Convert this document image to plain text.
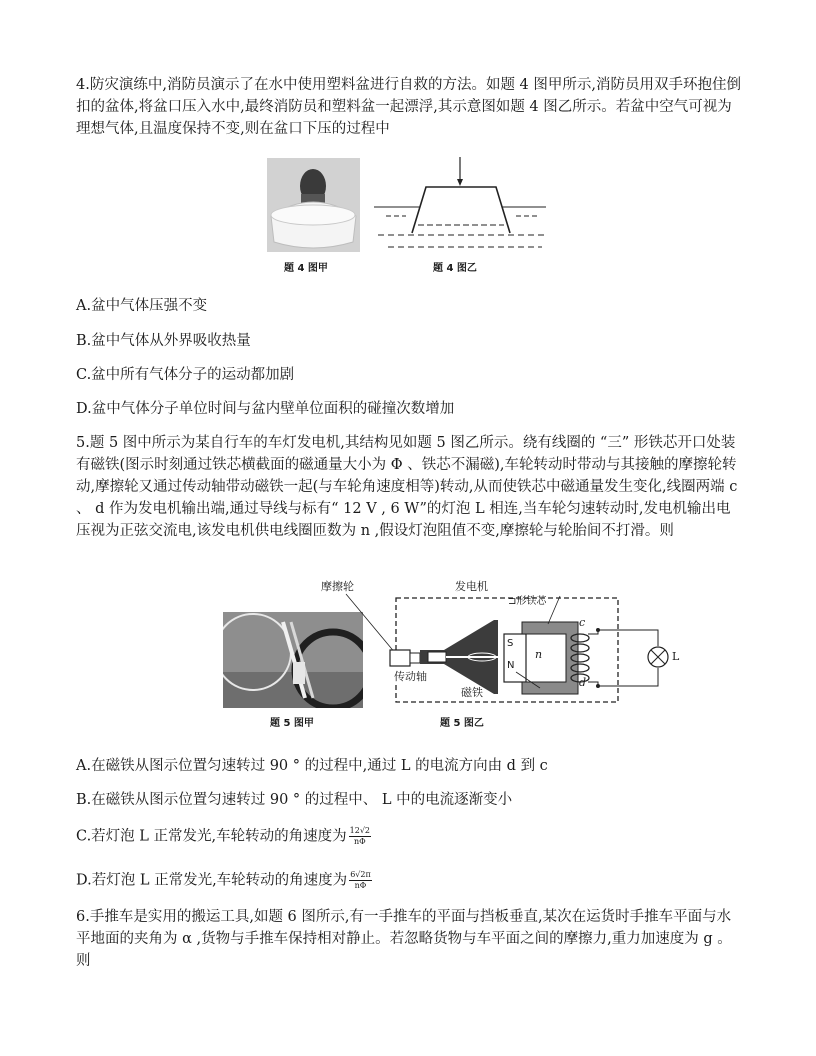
4.防灾演练中,消防员演示了在水中使用塑料盆进行自救的方法。如题 4 图甲所示,消防员用双手环抱住倒扣的盆体,将盆口压入水中,最终消防员和塑料盆一起漂浮,其示意图如题 4 图乙所示。若盆中空气可视为理想气体,且温度保持不变,则在盆口下压的过程中

题 4 图甲	题 4 图乙
A.盆中气体压强不变
B.盆中气体从外界吸收热量
C.盆中所有气体分子的运动都加剧
D.盆中气体分子单位时间与盆内壁单位面积的碰撞次数增加

5.题 5 图中所示为某自行车的车灯发电机,其结构见如题 5 图乙所示。绕有线圈的 “三” 形铁芯开口处装有磁铁(图示时刻通过铁芯横截面的磁通量大小为 Φ 、铁芯不漏磁),车轮转动时带动与其接触的摩擦轮转动,摩擦轮又通过传动轴带动磁铁一起(与车轮角速度相等)转动,从而使铁芯中磁通量发生变化,线圈两端 c 、 d 作为发电机输出端,通过导线与标有“ 12 V , 6 W”的灯泡 L 相连,当车轮匀速转动时,发电机输出电压视为正弦交流电,该发电机供电线圈匝数为 n ,假设灯泡阻值不变,摩擦轮与轮胎间不打滑。则

题 5 图甲
摩擦轮	发电机
⊐形铁芯
传动轴
磁铁
S
N
n
c
d
L
题 5 图乙
A.在磁铁从图示位置匀速转过 90 ° 的过程中,通过 L 的电流方向由 d 到 c
B.在磁铁从图示位置匀速转过 90 ° 的过程中、 L 中的电流逐渐变小
C.若灯泡 L 正常发光,车轮转动的角速度为 $\frac{12√2}{n\Phi}$
D.若灯泡 L 正常发光,车轮转动的角速度为 $\frac{6√2\pi}{n\Phi}$

6.手推车是实用的搬运工具,如题 6 图所示,有一手推车的平面与挡板垂直,某次在运货时手推车平面与水平地面的夹角为 α ,货物与手推车保持相对静止。若忽略货物与车平面之间的摩擦力,重力加速度为 g 。则
